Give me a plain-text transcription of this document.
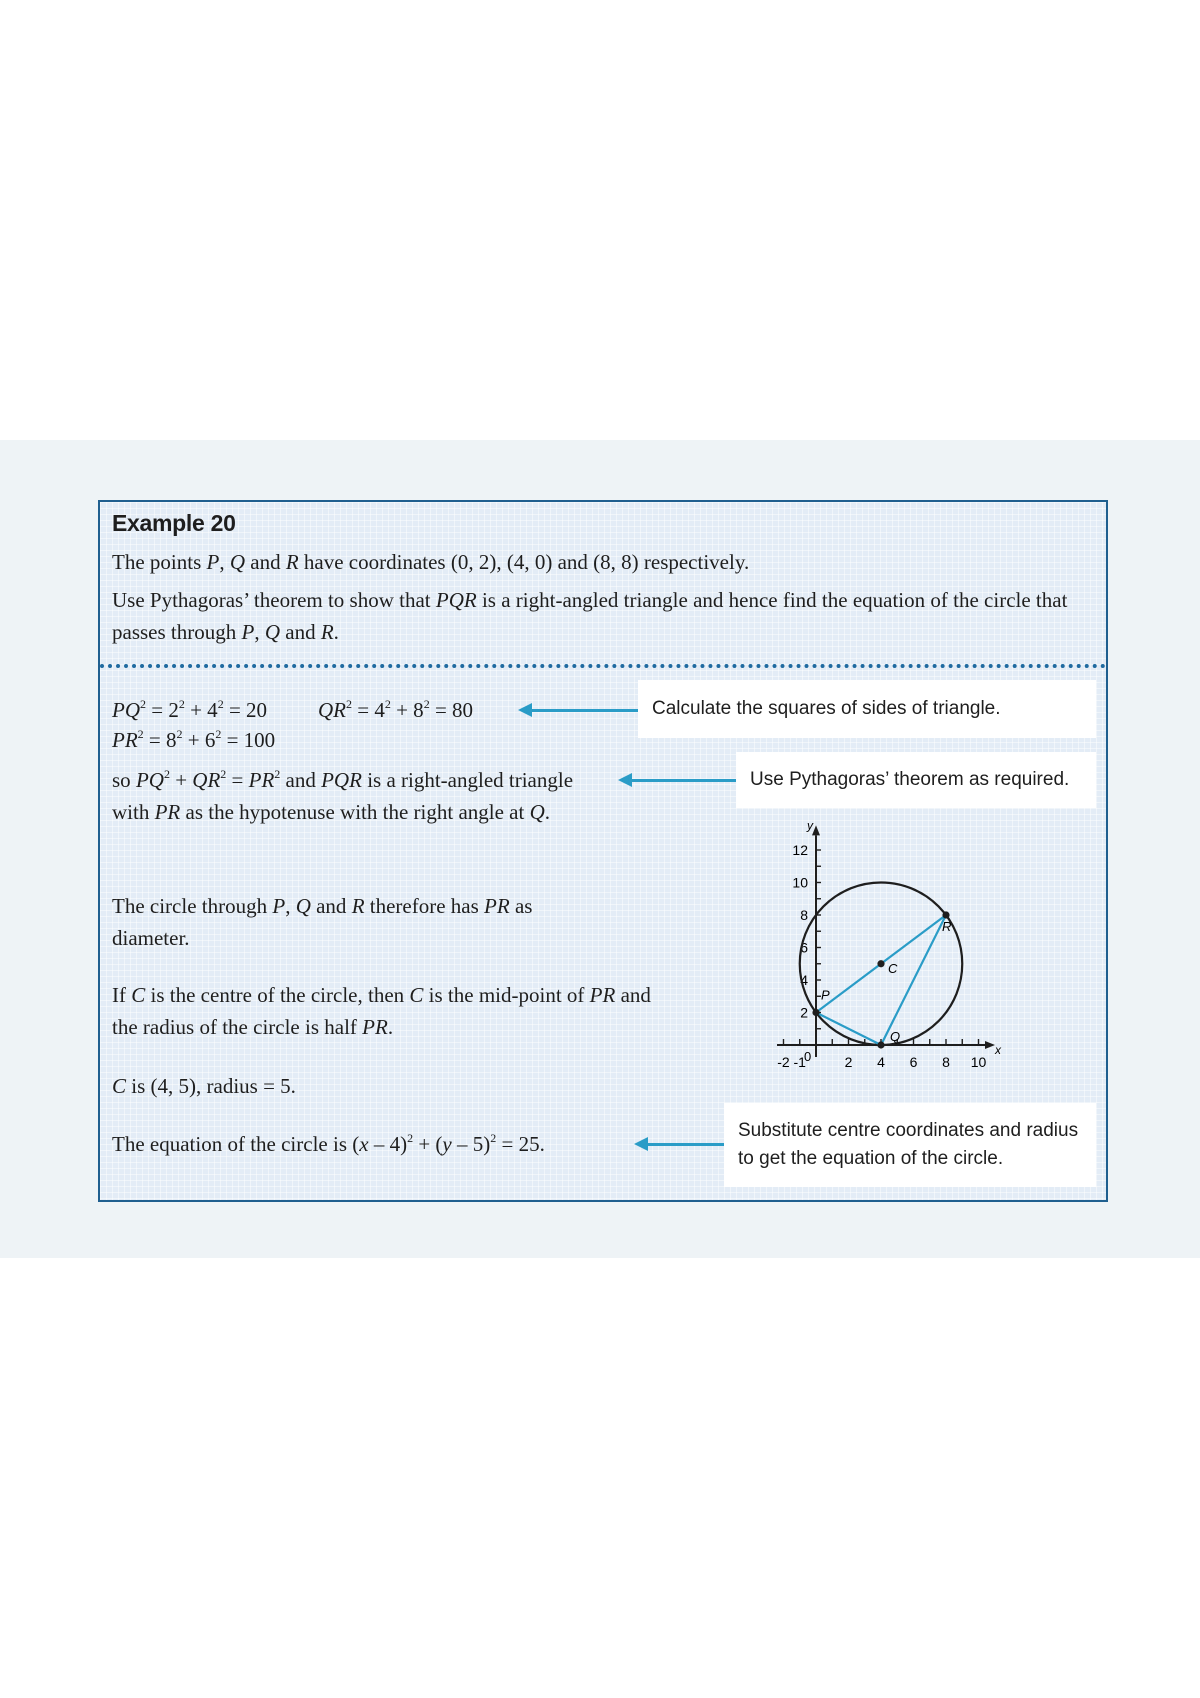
Example 20
The points P, Q and R have coordinates (0, 2), (4, 0) and (8, 8) respectively.
Use Pythagoras’ theorem to show that PQR is a right-angled triangle and hence find the equation of the circle that passes through P, Q and R.
$PQ^2 = 2^2 + 4^2 = 20$ $QR^2 = 4^2 + 8^2 = 80$
$PR^2 = 8^2 + 6^2 = 100$
so $PQ^2 + QR^2 = PR^2$ and PQR is a right-angled triangle with PR as the hypotenuse with the right angle at Q.
The circle through P, Q and R therefore has PR as diameter.
If C is the centre of the circle, then C is the mid-point of PR and the radius of the circle is half PR.
C is (4, 5), radius = 5.
The equation of the circle is (x – 4)$^2$ + (y – 5)$^2$ = 25.
Calculate the squares of sides of triangle.
Use Pythagoras’ theorem as required.
Substitute centre coordinates and radius to get the equation of the circle.
x
y
-2 -1	2 4 6 8 10
2
4
6
8
10
12
0
P
Q
R
C
